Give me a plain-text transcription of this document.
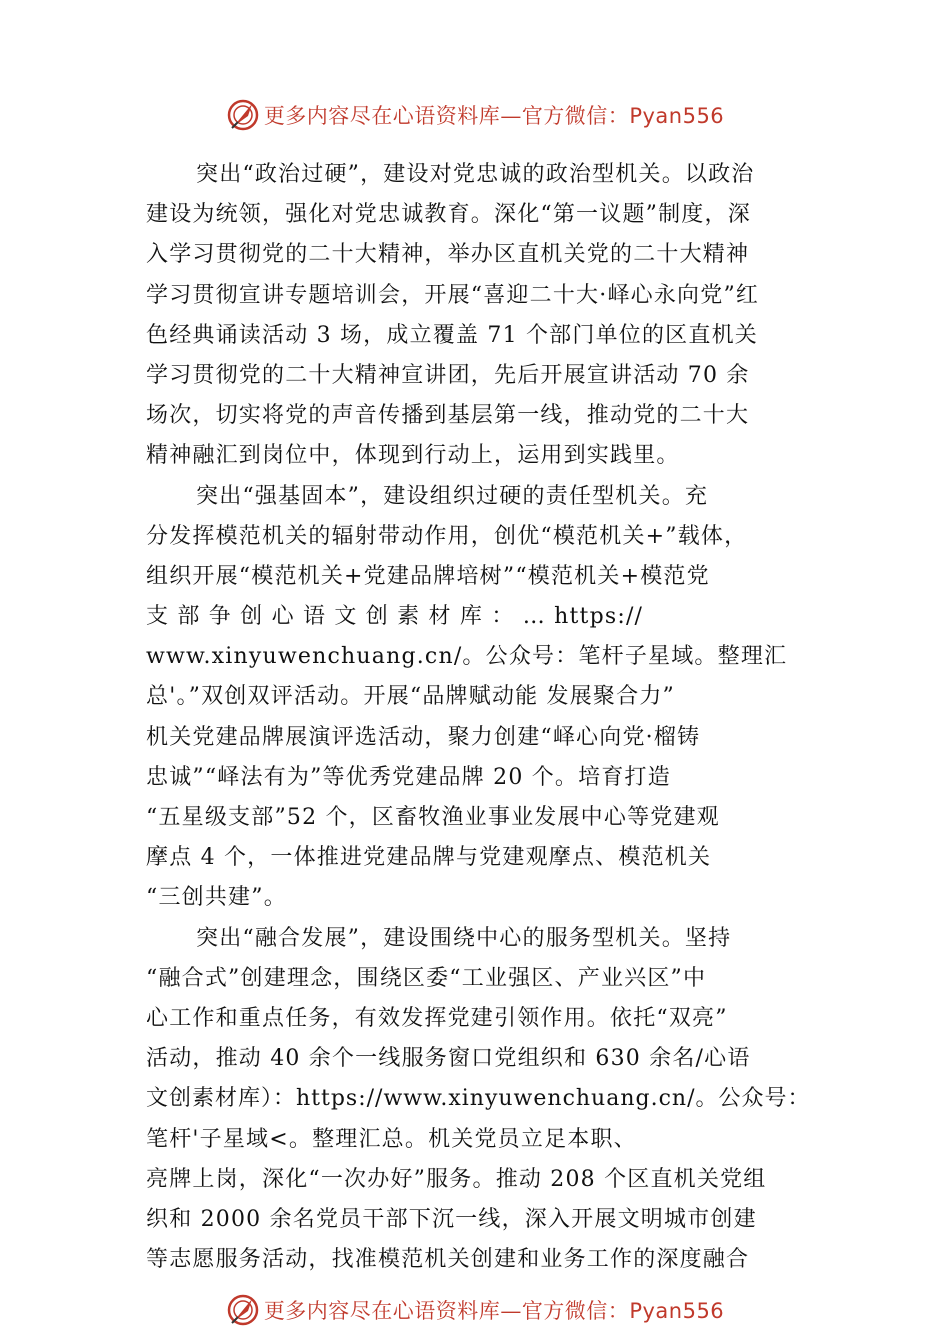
更多内容尽在心语资料库—官方微信：Pyan556
突出“政治过硬”，建设对党忠诚的政治型机关。以政治
建设为统领，强化对党忠诚教育。深化“第一议题”制度，深
入学习贯彻党的二十大精神，举办区直机关党的二十大精神
学习贯彻宣讲专题培训会，开展“喜迎二十大·峄心永向党”红
色经典诵读活动 3 场，成立覆盖 71 个部门单位的区直机关
学习贯彻党的二十大精神宣讲团，先后开展宣讲活动 70 余
场次，切实将党的声音传播到基层第一线，推动党的二十大
精神融汇到岗位中，体现到行动上，运用到实践里。
突出“强基固本”，建设组织过硬的责任型机关。充
分发挥模范机关的辐射带动作用，创优“模范机关+”载体，
组织开展“模范机关+党建品牌培树”“模范机关+模范党
支 部 争 创 心 语 文 创 素 材 库 ： … https://
www.xinyuwenchuang.cn/。公众号：笔杆子星域。整理汇
总'。”双创双评活动。开展“品牌赋动能 发展聚合力”
机关党建品牌展演评选活动，聚力创建“峄心向党·榴铸
忠诚”“峄法有为”等优秀党建品牌 20 个。培育打造
“五星级支部”52 个，区畜牧渔业事业发展中心等党建观
摩点 4 个，一体推进党建品牌与党建观摩点、模范机关
“三创共建”。
突出“融合发展”，建设围绕中心的服务型机关。坚持
“融合式”创建理念，围绕区委“工业强区、产业兴区”中
心工作和重点任务，有效发挥党建引领作用。依托“双亮”
活动，推动 40 余个一线服务窗口党组织和 630 余名/心语
文创素材库）：https://www.xinyuwenchuang.cn/。公众号：
笔杆'子星域<。整理汇总。机关党员立足本职、
亮牌上岗，深化“一次办好”服务。推动 208 个区直机关党组
织和 2000 余名党员干部下沉一线，深入开展文明城市创建
等志愿服务活动，找准模范机关创建和业务工作的深度融合
更多内容尽在心语资料库—官方微信：Pyan556
